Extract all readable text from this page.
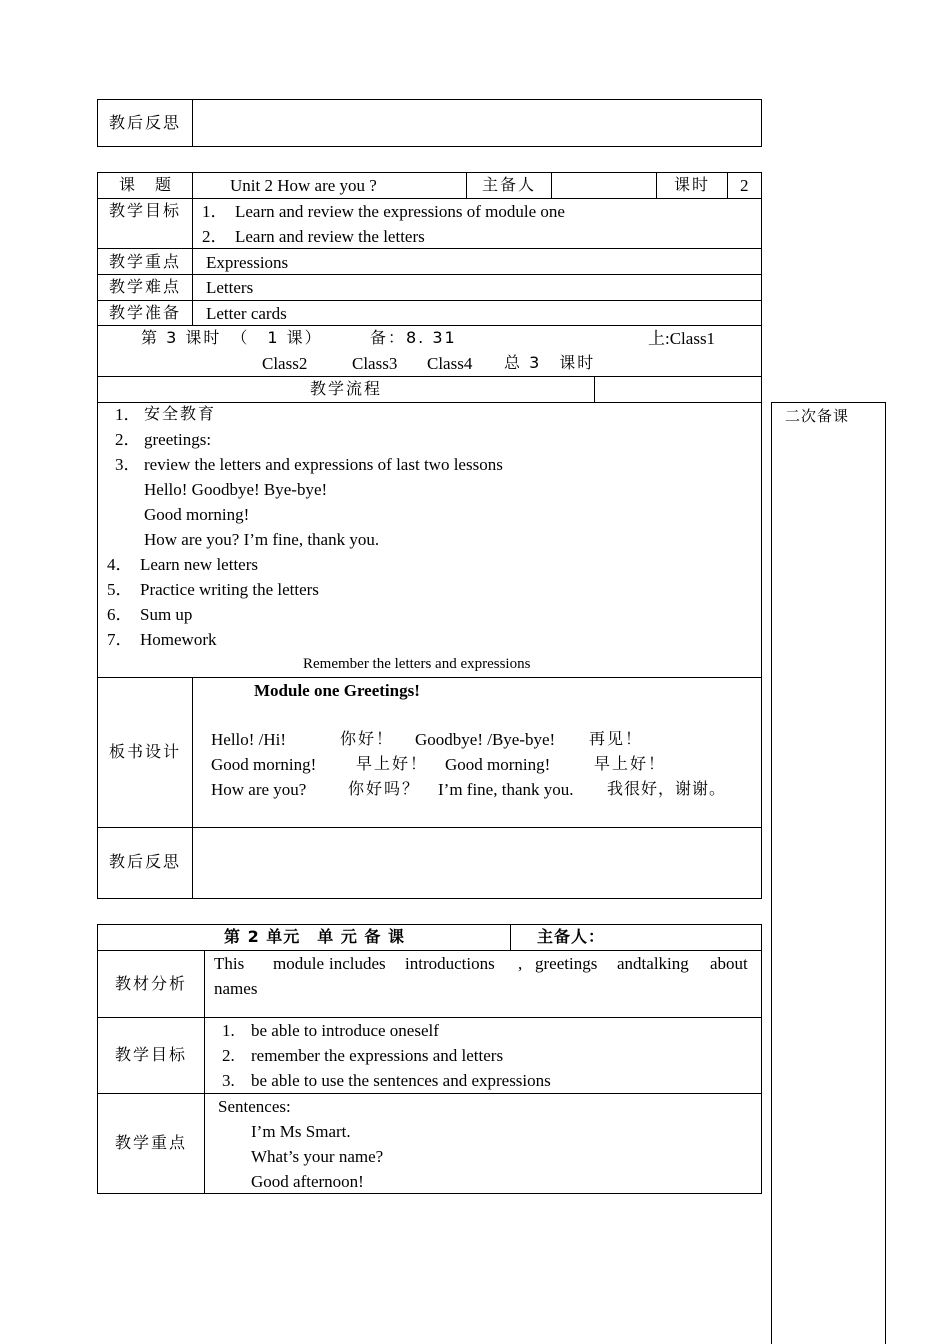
教后反思
课　题	Unit 2 How are you ?	主备人	课时 2
教学目标 1． Learn and review the expressions of module one
2． Learn and review the letters
教学重点 Expressions
教学难点 Letters
教学准备 Letter cards
第 3 课时　（　1 课）	备：8. 31	上:Class1
Class2	Class3 Class4 总 3　课时
教学流程
1． 安全教育
2． greetings:
3． review the letters and expressions of last two lessons
Hello! Goodbye! Bye-bye!
Good morning!
How are you? I’m fine, thank you.
4． Learn new letters
5． Practice writing the letters
6． Sum up
7． Homework
Remember the letters and expressions
板书设计
Module one Greetings!
Hello! /Hi!	你好！ Goodbye! /Bye-bye! 再见！
Good morning! 早上好！ Good morning!	早上好！
How are you?	你好吗？ I’m fine, thank you. 我很好，谢谢。
教后反思
二次备课
第 2 单元　单 元 备 课	主备人：
教材分析
This module includes introductions , greetings andtalking about
names
教学目标
1. be able to introduce oneself
2. remember the expressions and letters
3. be able to use the sentences and expressions
教学重点
Sentences:
I’m Ms Smart.
What’s your name?
Good afternoon!
